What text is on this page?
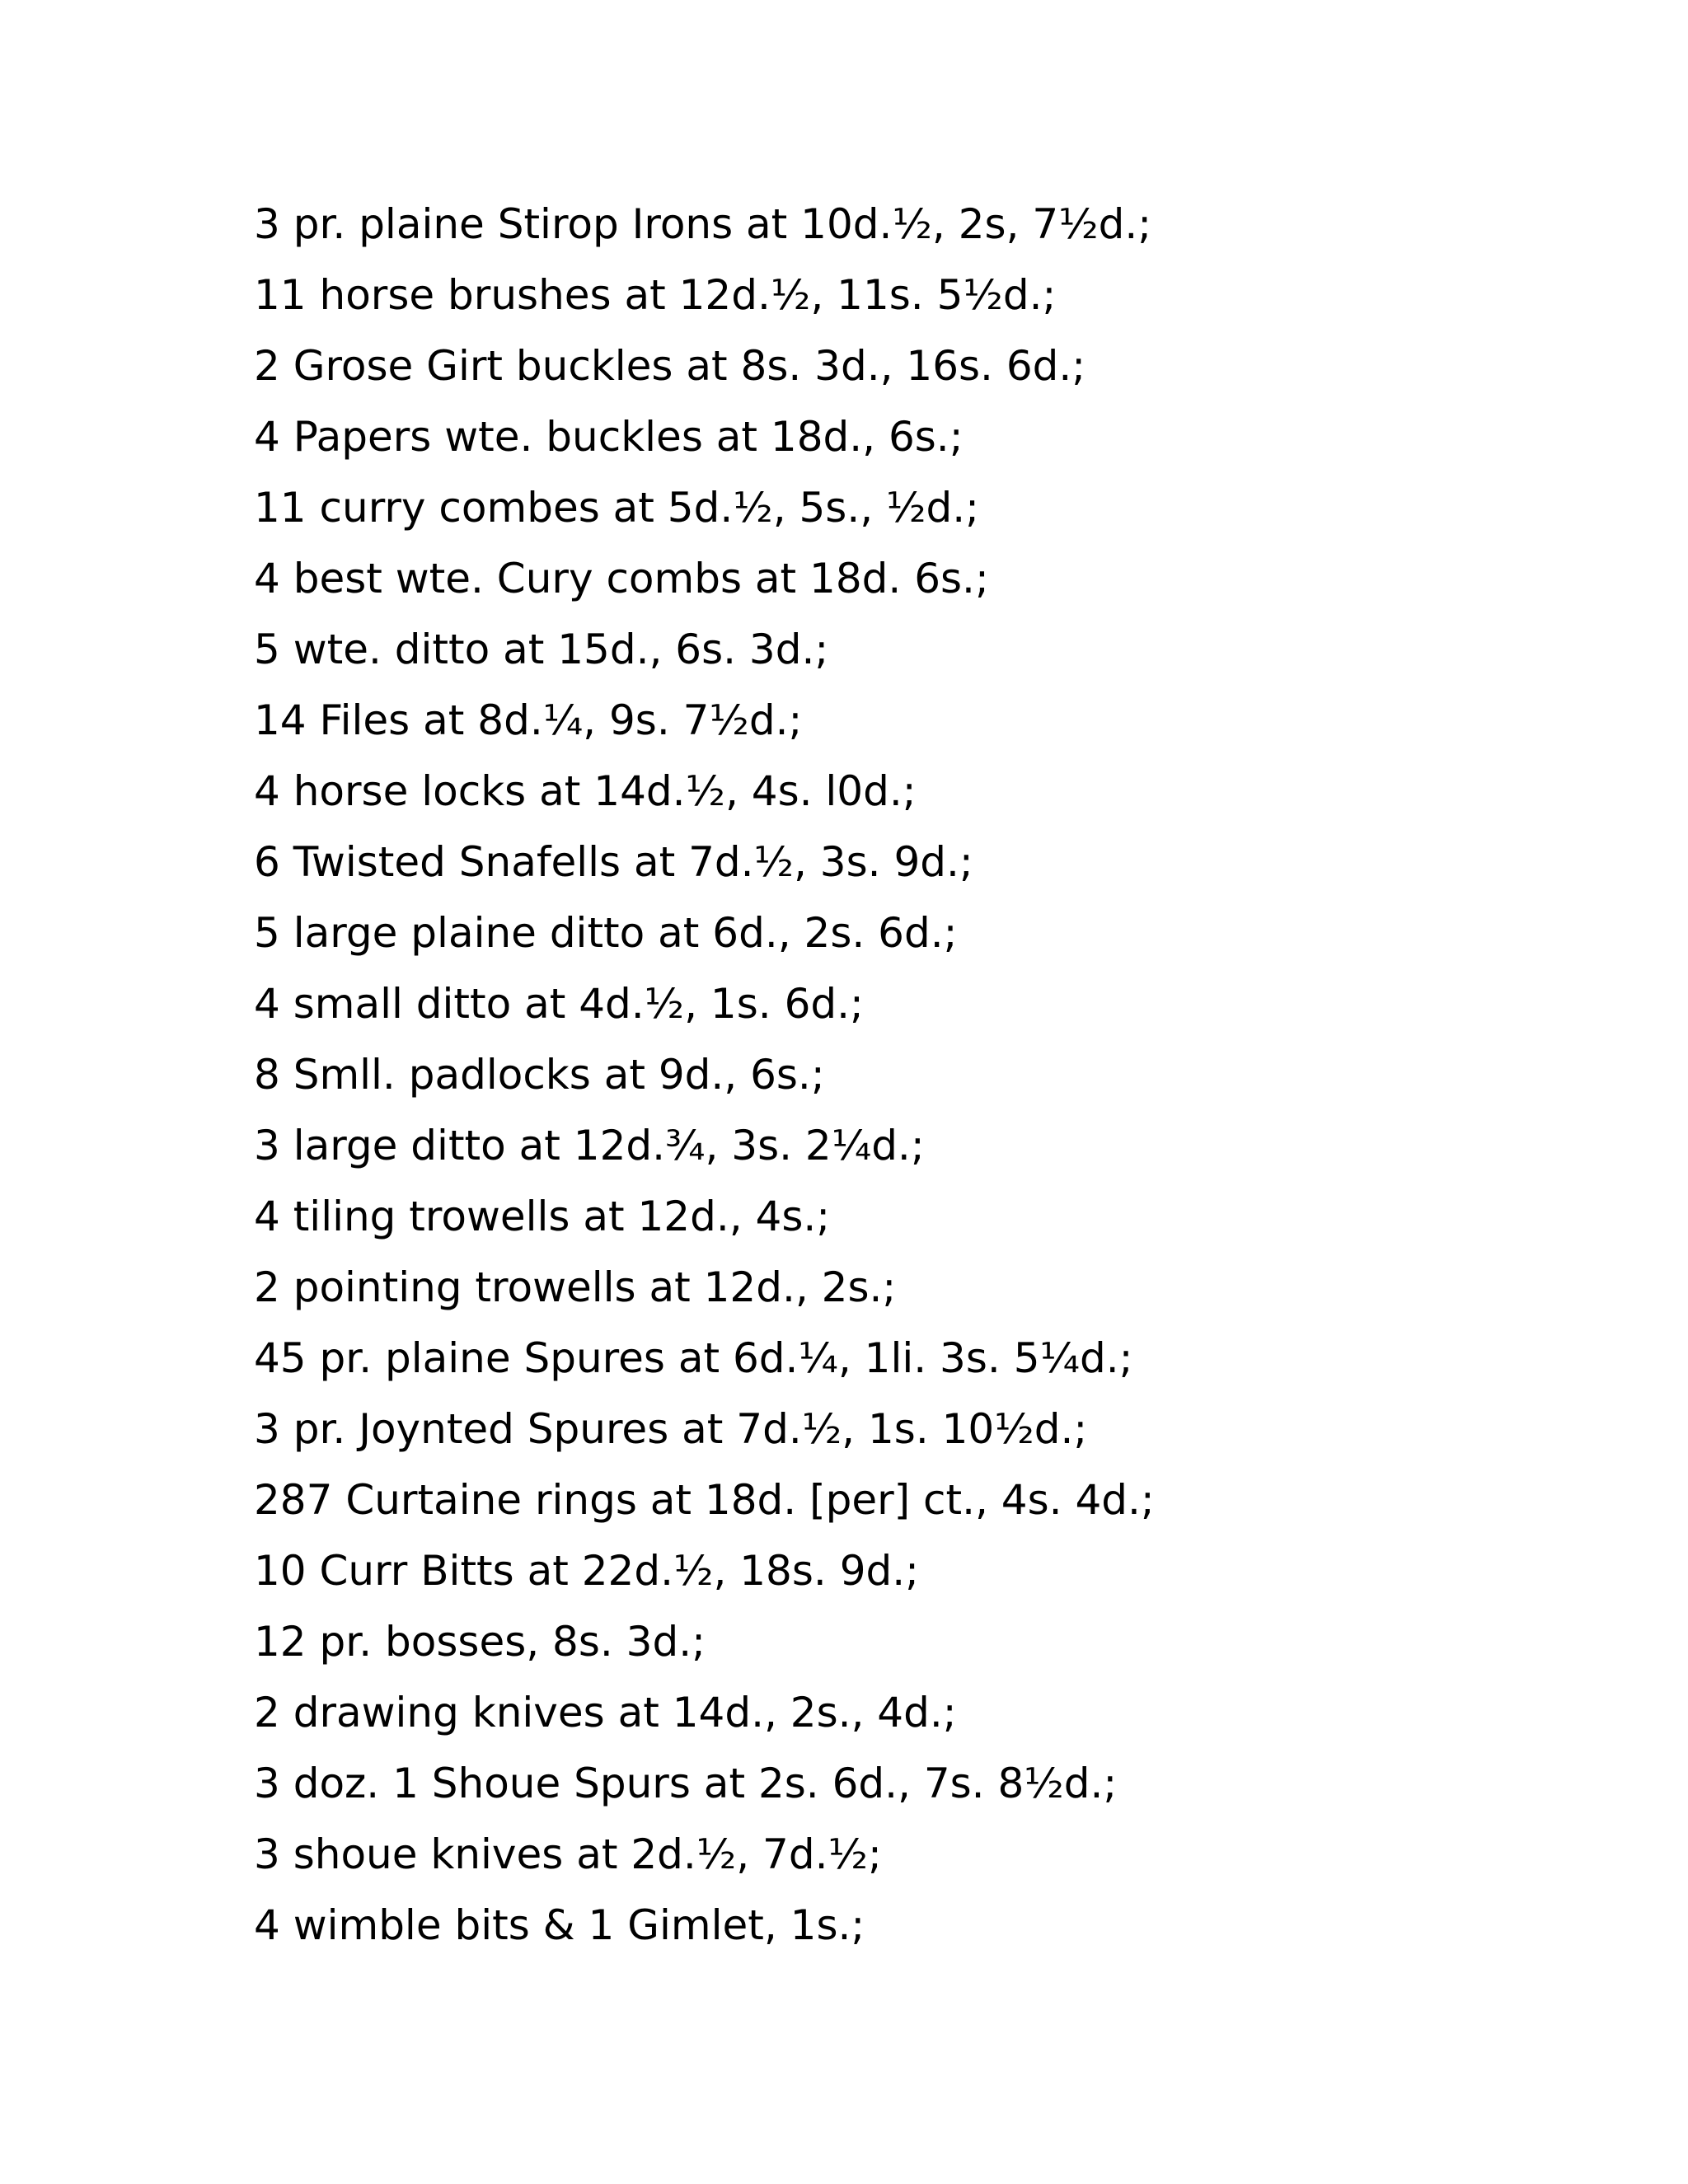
3 pr. plaine Stirop Irons at 10d.½, 2s, 7½d.;
11 horse brushes at 12d.½, 11s. 5½d.;
2 Grose Girt buckles at 8s. 3d., 16s. 6d.;
4 Papers wte. buckles at 18d., 6s.;
11 curry combes at 5d.½, 5s., ½d.;
4 best wte. Cury combs at 18d. 6s.;
5 wte. ditto at 15d., 6s. 3d.;
14 Files at 8d.¼, 9s. 7½d.;
4 horse locks at 14d.½, 4s. l0d.;
6 Twisted Snafells at 7d.½, 3s. 9d.;
5 large plaine ditto at 6d., 2s. 6d.;
4 small ditto at 4d.½, 1s. 6d.;
8 Smll. padlocks at 9d., 6s.;
3 large ditto at 12d.¾, 3s. 2¼d.;
4 tiling trowells at 12d., 4s.;
2 pointing trowells at 12d., 2s.;
45 pr. plaine Spures at 6d.¼, 1li. 3s. 5¼d.;
3 pr. Joynted Spures at 7d.½, 1s. 10½d.;
287 Curtaine rings at 18d. [per] ct., 4s. 4d.;
10 Curr Bitts at 22d.½, 18s. 9d.;
12 pr. bosses, 8s. 3d.;
2 drawing knives at 14d., 2s., 4d.;
3 doz. 1 Shoue Spurs at 2s. 6d., 7s. 8½d.;
3 shoue knives at 2d.½, 7d.½;
4 wimble bits & 1 Gimlet, 1s.;
